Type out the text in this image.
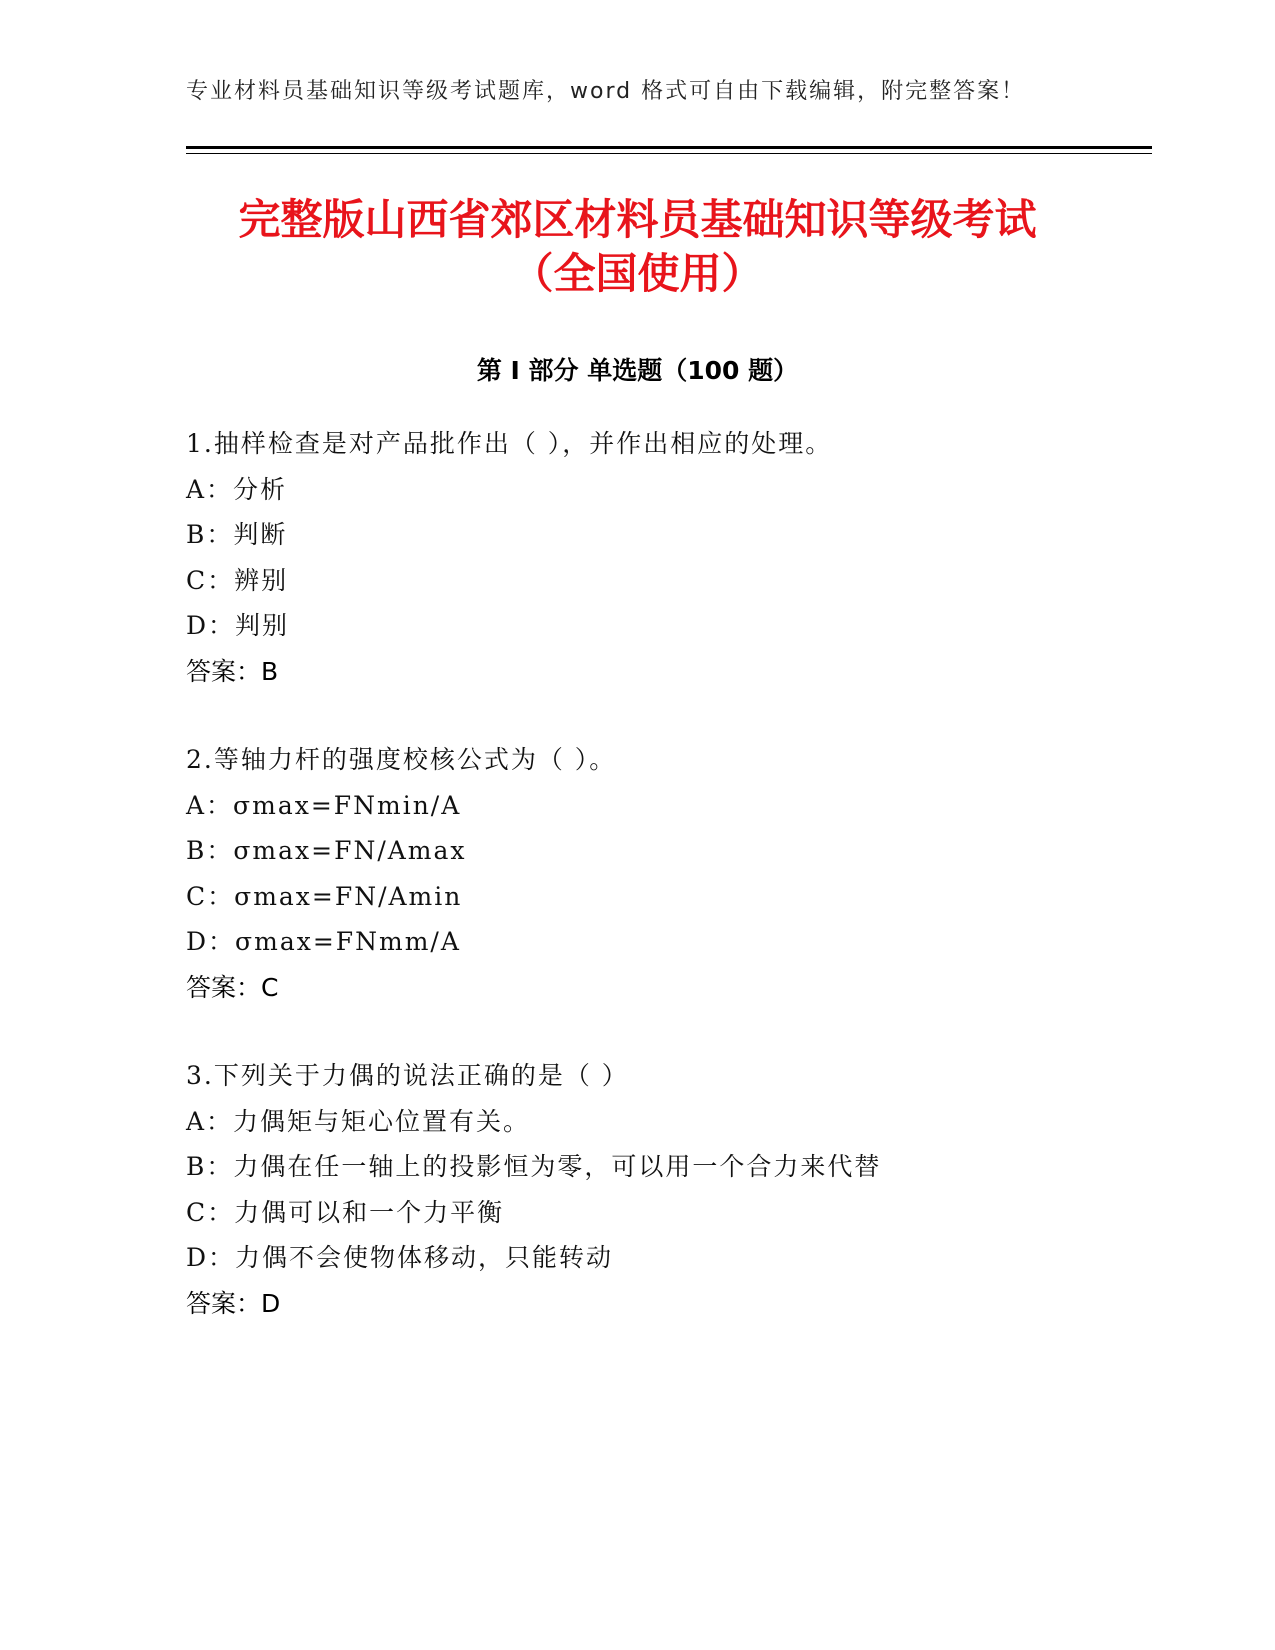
专业材料员基础知识等级考试题库，word 格式可自由下载编辑，附完整答案！
完整版山西省郊区材料员基础知识等级考试
（全国使用）
第 I 部分 单选题（100 题）
1.抽样检查是对产品批作出（ ），并作出相应的处理。
A：分析
B：判断
C：辨别
D：判别
答案：B
2.等轴力杆的强度校核公式为（ ）。
A：σmax=FNmin/A
B：σmax=FN/Amax
C：σmax=FN/Amin
D：σmax=FNmm/A
答案：C
3.下列关于力偶的说法正确的是（ ）
A：力偶矩与矩心位置有关。
B：力偶在任一轴上的投影恒为零，可以用一个合力来代替
C：力偶可以和一个力平衡
D：力偶不会使物体移动，只能转动
答案：D
